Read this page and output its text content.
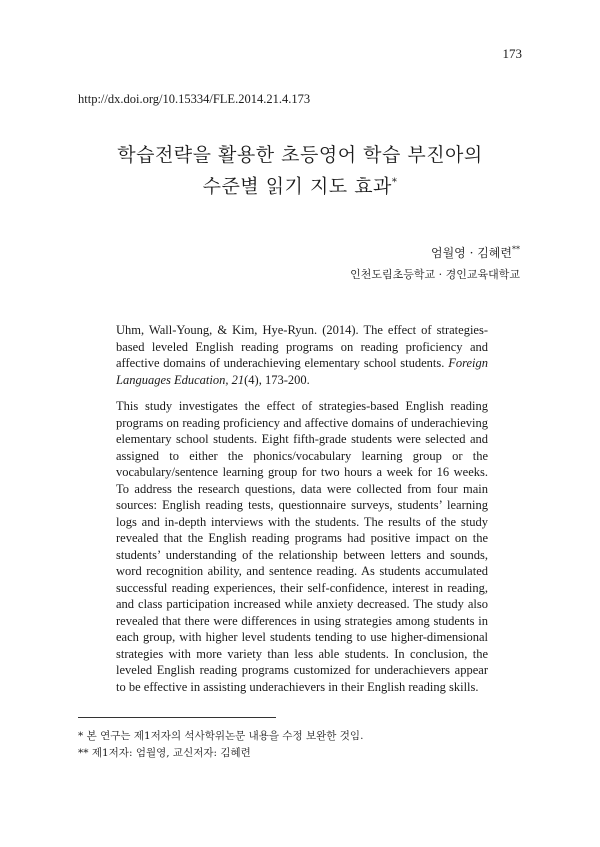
173
http://dx.doi.org/10.15334/FLE.2014.21.4.173
학습전략을 활용한 초등영어 학습 부진아의
수준별 읽기 지도 효과*
엄월영 · 김혜련**
인천도림초등학교 · 경인교육대학교
Uhm, Wall-Young, & Kim, Hye-Ryun. (2014). The effect of strategies-based leveled English reading programs on reading proficiency and affective domains of underachieving elementary school students. Foreign Languages Education, 21(4), 173-200.
This study investigates the effect of strategies-based English reading programs on reading proficiency and affective domains of underachieving elementary school students. Eight fifth-grade students were selected and assigned to either the phonics/vocabulary learning group or the vocabulary/sentence learning group for two hours a week for 16 weeks. To address the research questions, data were collected from four main sources: English reading tests, questionnaire surveys, students’ learning logs and in-depth interviews with the students. The results of the study revealed that the English reading programs had positive impact on the students’ understanding of the relationship between letters and sounds, word recognition ability, and sentence reading. As students accumulated successful reading experiences, their self-confidence, interest in reading, and class participation increased while anxiety decreased. The study also revealed that there were differences in using strategies among students in each group, with higher level students tending to use higher-dimensional strategies with more variety than less able students. In conclusion, the leveled English reading programs customized for underachievers appear to be effective in assisting underachievers in their English reading skills.
* 본 연구는 제1저자의 석사학위논문 내용을 수정 보완한 것임.
** 제1저자: 엄월영, 교신저자: 김혜련
